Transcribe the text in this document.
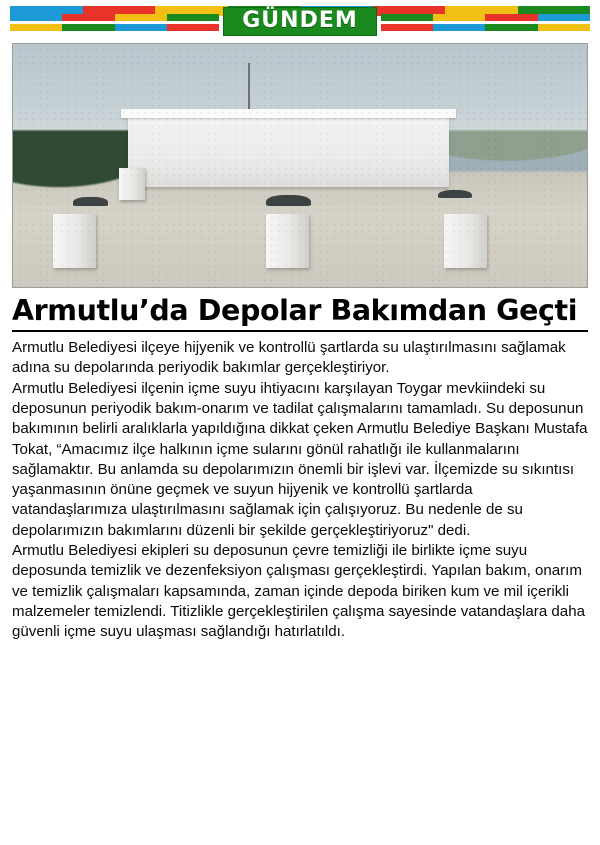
GÜNDEM
Armutlu’da Depolar Bakımdan Geçti

Armutlu Belediyesi ilçeye hijyenik ve kontrollü şartlarda su ulaştırılmasını sağlamak adına su depolarında periyodik bakımlar gerçekleştiriyor.

Armutlu Belediyesi ilçenin içme suyu ihtiyacını karşılayan Toygar mevkiindeki su deposunun periyodik bakım-onarım ve tadilat çalışmalarını tamamladı. Su deposunun bakımının belirli aralıklarla yapıldığına dikkat çeken Armutlu Belediye Başkanı Mustafa Tokat, “Amacımız ilçe halkının içme sularını gönül rahatlığı ile kullanmalarını sağlamaktır. Bu anlamda su depolarımızın önemli bir işlevi var. İlçemizde su sıkıntısı yaşanmasının önüne geçmek ve suyun hijyenik ve kontrollü şartlarda vatandaşlarımıza ulaştırılmasını sağlamak için çalışıyoruz. Bu nedenle de su depolarımızın bakımlarını düzenli bir şekilde gerçekleştiriyoruz" dedi.

Armutlu Belediyesi ekipleri su deposunun çevre temizliği ile birlikte içme suyu deposunda temizlik ve dezenfeksiyon çalışması gerçekleştirdi. Yapılan bakım, onarım ve temizlik çalışmaları kapsamında, zaman içinde depoda biriken kum ve mil içerikli malzemeler temizlendi. Titizlikle gerçekleştirilen çalışma sayesinde vatandaşlara daha güvenli içme suyu ulaşması sağlandığı hatırlatıldı.
